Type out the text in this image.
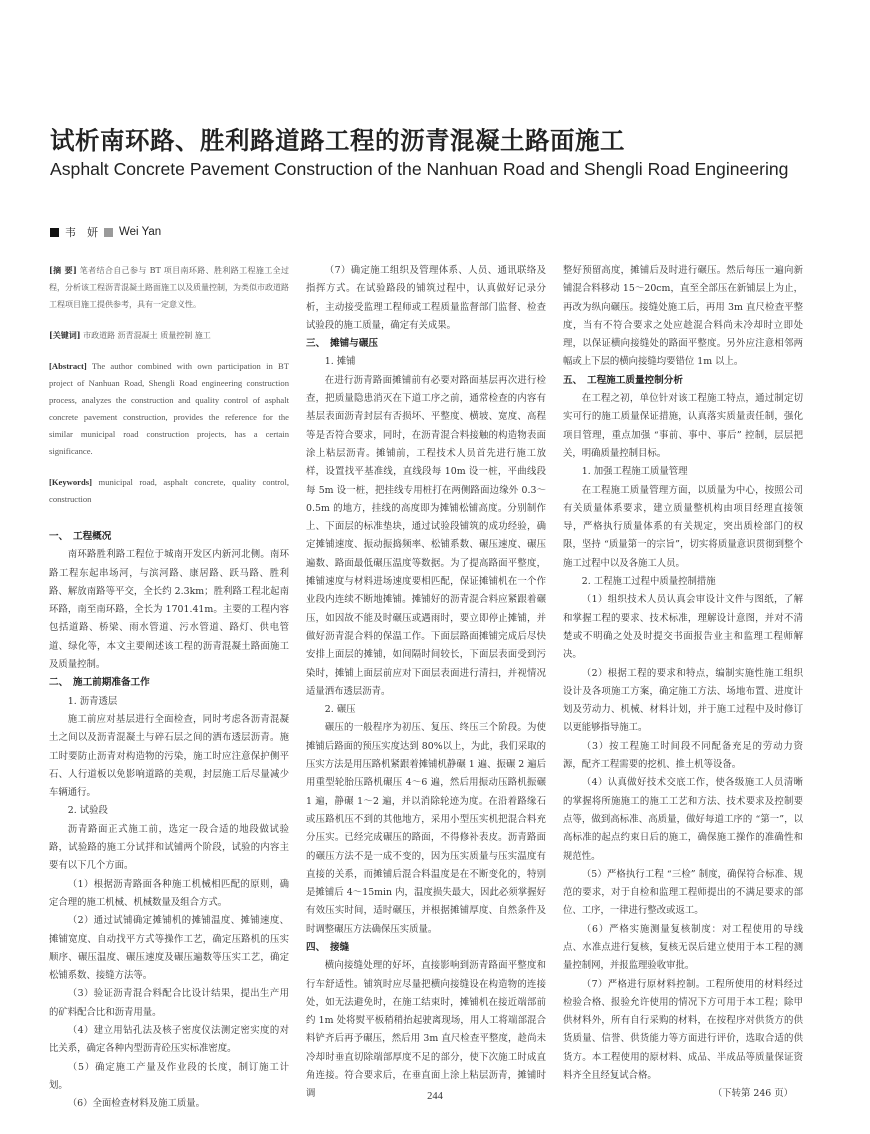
试析南环路、胜利路道路工程的沥青混凝土路面施工
Asphalt Concrete Pavement Construction of the Nanhuan Road and Shengli Road Engineering
韦　妍 Wei Yan
[摘 要] 笔者结合自己参与 BT 项目南环路、胜利路工程施工全过程，分析该工程沥青混凝土路面施工以及质量控制，为类似市政道路工程项目施工提供参考，具有一定意义性。
[关键词] 市政道路 沥青混凝土 质量控制 施工
[Abstract] The author combined with own participation in BT project of Nanhuan Road, Shengli Road engineering construction process, analyzes the construction and quality control of asphalt concrete pavement construction, provides the reference for the similar municipal road construction projects, has a certain significance.
[Keywords] municipal road, asphalt concrete, quality control, construction
一、　工程概况

南环路胜利路工程位于城南开发区内新河北侧。南环路工程东起串场河，与滨河路、康居路、跃马路、胜利路、解放南路等平交，全长约 2.3km；胜利路工程北起南环路，南至南环路，全长为 1701.41m。主要的工程内容包括道路、桥梁、雨水管道、污水管道、路灯、供电管道、绿化等，本文主要阐述该工程的沥青混凝土路面施工及质量控制。

二、　施工前期准备工作

1. 沥青透层

施工前应对基层进行全面检查，同时考虑各沥青混凝土之间以及沥青混凝土与碎石层之间的洒布透层沥青。施工时要防止沥青对构造物的污染，施工时应注意保护侧平石、人行道板以免影响道路的美观，封层施工后尽量减少车辆通行。

2. 试验段

沥青路面正式施工前，选定一段合适的地段做试验路，试验路的施工分试拌和试铺两个阶段，试验的内容主要有以下几个方面。

（1）根据沥青路面各种施工机械相匹配的原则，确定合理的施工机械、机械数量及组合方式。

（2）通过试铺确定摊铺机的摊铺温度、摊铺速度、摊铺宽度、自动找平方式等操作工艺，确定压路机的压实顺序、碾压温度、碾压速度及碾压遍数等压实工艺，确定松铺系数、接缝方法等。

（3）验证沥青混合料配合比设计结果，提出生产用的矿料配合比和沥青用量。

（4）建立用钻孔法及核子密度仪法测定密实度的对比关系，确定各种内型沥青砼压实标准密度。

（5）确定施工产量及作业段的长度，制订施工计划。

（6）全面检查材料及施工质量。

（7）确定施工组织及管理体系、人员、通讯联络及指挥方式。在试验路段的铺筑过程中，认真做好记录分析，主动接受监理工程师或工程质量监督部门监督、检查试验段的施工质量，确定有关成果。

三、　摊铺与碾压

1. 摊铺

在进行沥青路面摊铺前有必要对路面基层再次进行检查，把质量隐患消灭在下道工序之前，通常检查的内容有基层表面沥青封层有否损坏、平整度、横坡、宽度、高程等是否符合要求，同时，在沥青混合料接触的构造物表面涂上粘层沥青。摊铺前，工程技术人员首先进行施工放样，设置找平基准线，直线段每 10m 设一桩，平曲线段每 5m 设一桩，把挂线专用桩打在两侧路面边缘外 0.3～0.5m 的地方，挂线的高度即为摊铺松铺高度。分别制作上、下面层的标准垫块，通过试验段铺筑的成功经验，确定摊铺速度、振动振捣频率、松铺系数、碾压速度、碾压遍数、路面最低碾压温度等数据。为了提高路面平整度，摊铺速度与材料进场速度要相匹配，保证摊铺机在一个作业段内连续不断地摊铺。摊铺好的沥青混合料应紧跟着碾压，如因故不能及时碾压或遇雨时，要立即停止摊铺，并做好沥青混合料的保温工作。下面层路面摊铺完成后尽快安排上面层的摊铺，如间隔时间较长，下面层表面受到污染时，摊铺上面层前应对下面层表面进行清扫，并视情况适量洒布透层沥青。

2. 碾压

碾压的一般程序为初压、复压、终压三个阶段。为使摊铺后路面的预压实度达到 80%以上，为此，我们采取的压实方法是用压路机紧跟着摊铺机静碾 1 遍、振碾 2 遍后用重型轮胎压路机碾压 4～6 遍，然后用振动压路机振碾 1 遍，静碾 1～2 遍，并以消除轮迹为度。在沿着路缘石或压路机压不到的其他地方，采用小型压实机把混合料充分压实。已经完成碾压的路面，不得修补表皮。沥青路面的碾压方法不是一成不变的，因为压实质量与压实温度有直接的关系，而摊铺后混合料温度是在不断变化的，特别是摊铺后 4～15min 内，温度损失最大，因此必须掌握好有效压实时间，适时碾压，并根据摊铺厚度、自然条件及时调整碾压方法确保压实质量。

四、　接缝

横向接缝处理的好坏，直接影响到沥青路面平整度和行车舒适性。铺筑时应尽量把横向接缝设在构造物的连接处，如无法避免时，在施工结束时，摊铺机在接近端部前约 1m 处将熨平板稍稍抬起驶离现场，用人工将端部混合料铲齐后再予碾压，然后用 3m 直尺检查平整度，趁尚未冷却时垂直切除端部厚度不足的部分，使下次施工时成直角连接。符合要求后，在垂直面上涂上粘层沥青，摊铺时调

整好预留高度，摊铺后及时进行碾压。然后每压一遍向新铺混合料移动 15～20cm，直至全部压在新铺层上为止，再改为纵向碾压。接缝处施工后，再用 3m 直尺检查平整度，当有不符合要求之处应趁混合料尚未冷却时立即处理，以保证横向接缝处的路面平整度。另外应注意相邻两幅或上下层的横向接缝均要错位 1m 以上。

五、　工程施工质量控制分析

在工程之初，单位针对该工程施工特点，通过制定切实可行的施工质量保证措施，认真落实质量责任制，强化项目管理，重点加强 “事前、事中、事后” 控制，层层把关，明确质量控制目标。

1. 加强工程施工质量管理

在工程施工质量管理方面，以质量为中心，按照公司有关质量体系要求，建立质量整机构由项目经理直接领导，严格执行质量体系的有关规定，突出质检部门的权限，坚持 “质量第一的宗旨”，切实将质量意识贯彻到整个施工过程中以及各施工人员。

2. 工程施工过程中质量控制措施

（1）组织技术人员认真会审设计文件与图纸，了解和掌握工程的要求、技术标准，理解设计意图，并对不清楚或不明确之处及时提交书面报告业主和监理工程师解决。

（2）根据工程的要求和特点，编制实施性施工组织设计及各项施工方案，确定施工方法、场地布置、进度计划及劳动力、机械、材料计划，并于施工过程中及时修订以更能够指导施工。

（3）按工程施工时间段不同配备充足的劳动力资源，配齐工程需要的挖机、推土机等设备。

（4）认真做好技术交底工作，使各级施工人员清晰的掌握将所施施工的施工工艺和方法、技术要求及控制要点等，做到高标准、高质量，做好每道工序的 “第一”，以高标准的起点约束日后的施工，确保施工操作的准确性和规范性。

（5）严格执行工程 “三检” 制度，确保符合标准、规范的要求，对于自检和监理工程师提出的不满足要求的部位、工序，一律进行整改或返工。

（6）严格实施测量复核制度：对工程使用的导线点、水准点进行复核，复核无误后建立使用于本工程的测量控制网，并报监理验收审批。

（7）严格进行原材料控制。工程所使用的材料经过检验合格、报验允许使用的情况下方可用于本工程；除甲供材料外，所有自行采购的材料，在按程序对供货方的供货质量、信誉、供货能力等方面进行评价，选取合适的供货方。本工程使用的原材料、成品、半成品等质量保证资料齐全且经复试合格。

（下转第 246 页）
244
